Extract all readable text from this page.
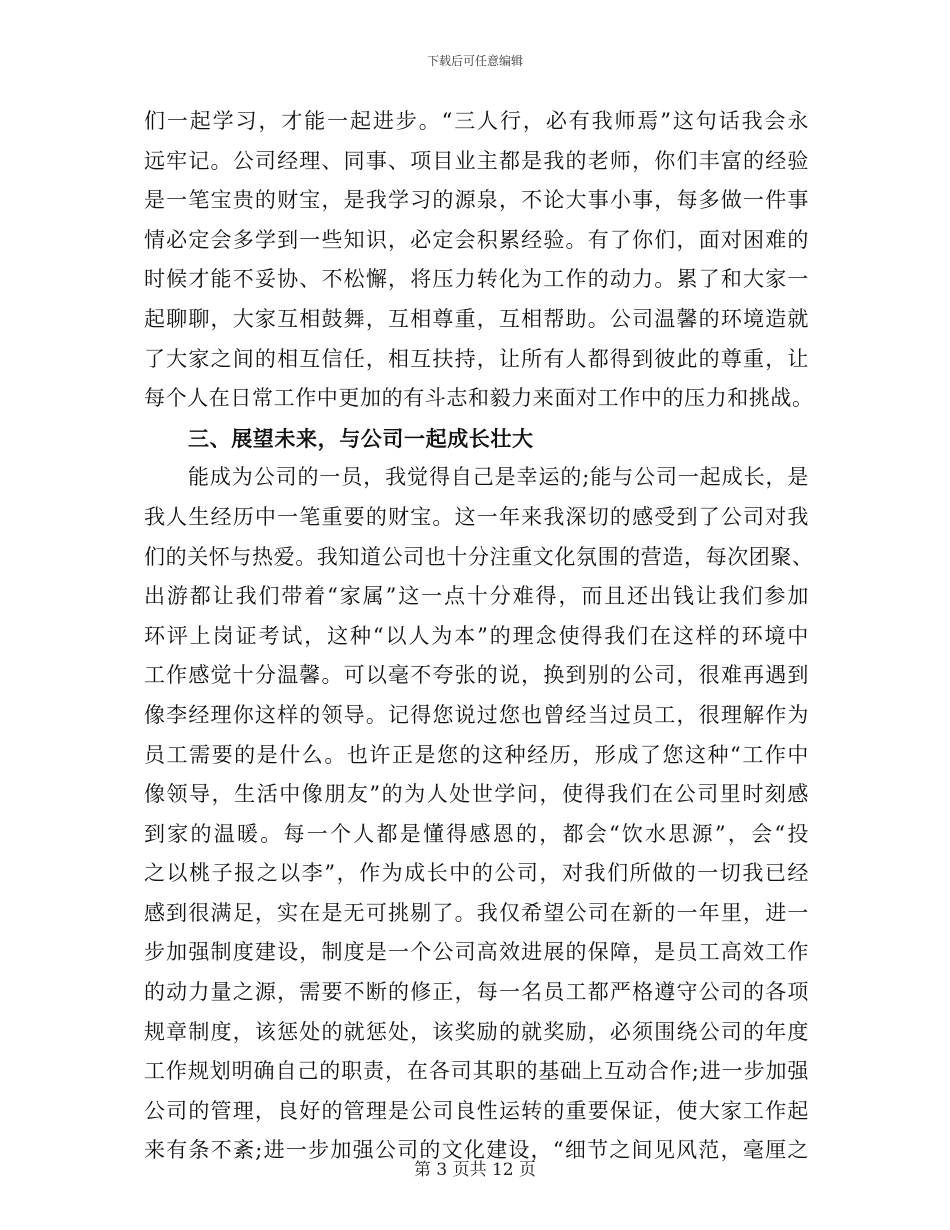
下载后可任意编辑
们一起学习，才能一起进步。“三人行，必有我师焉”这句话我会永
远牢记。公司经理、同事、项目业主都是我的老师，你们丰富的经验
是一笔宝贵的财宝，是我学习的源泉，不论大事小事，每多做一件事
情必定会多学到一些知识，必定会积累经验。有了你们，面对困难的
时候才能不妥协、不松懈，将压力转化为工作的动力。累了和大家一
起聊聊，大家互相鼓舞，互相尊重，互相帮助。公司温馨的环境造就
了大家之间的相互信任，相互扶持，让所有人都得到彼此的尊重，让
每个人在日常工作中更加的有斗志和毅力来面对工作中的压力和挑战。
三、展望未来，与公司一起成长壮大
能成为公司的一员，我觉得自己是幸运的;能与公司一起成长，是
我人生经历中一笔重要的财宝。这一年来我深切的感受到了公司对我
们的关怀与热爱。我知道公司也十分注重文化氛围的营造，每次团聚、
出游都让我们带着“家属”这一点十分难得，而且还出钱让我们参加
环评上岗证考试，这种“以人为本”的理念使得我们在这样的环境中
工作感觉十分温馨。可以毫不夸张的说，换到别的公司，很难再遇到
像李经理你这样的领导。记得您说过您也曾经当过员工，很理解作为
员工需要的是什么。也许正是您的这种经历，形成了您这种“工作中
像领导，生活中像朋友”的为人处世学问，使得我们在公司里时刻感
到家的温暖。每一个人都是懂得感恩的，都会“饮水思源”，会“投
之以桃子报之以李”，作为成长中的公司，对我们所做的一切我已经
感到很满足，实在是无可挑剔了。我仅希望公司在新的一年里，进一
步加强制度建设，制度是一个公司高效进展的保障，是员工高效工作
的动力量之源，需要不断的修正，每一名员工都严格遵守公司的各项
规章制度，该惩处的就惩处，该奖励的就奖励，必须围绕公司的年度
工作规划明确自己的职责，在各司其职的基础上互动合作;进一步加强
公司的管理，良好的管理是公司良性运转的重要保证，使大家工作起
来有条不紊;进一步加强公司的文化建设，“细节之间见风范，毫厘之
第 3 页共 12 页
